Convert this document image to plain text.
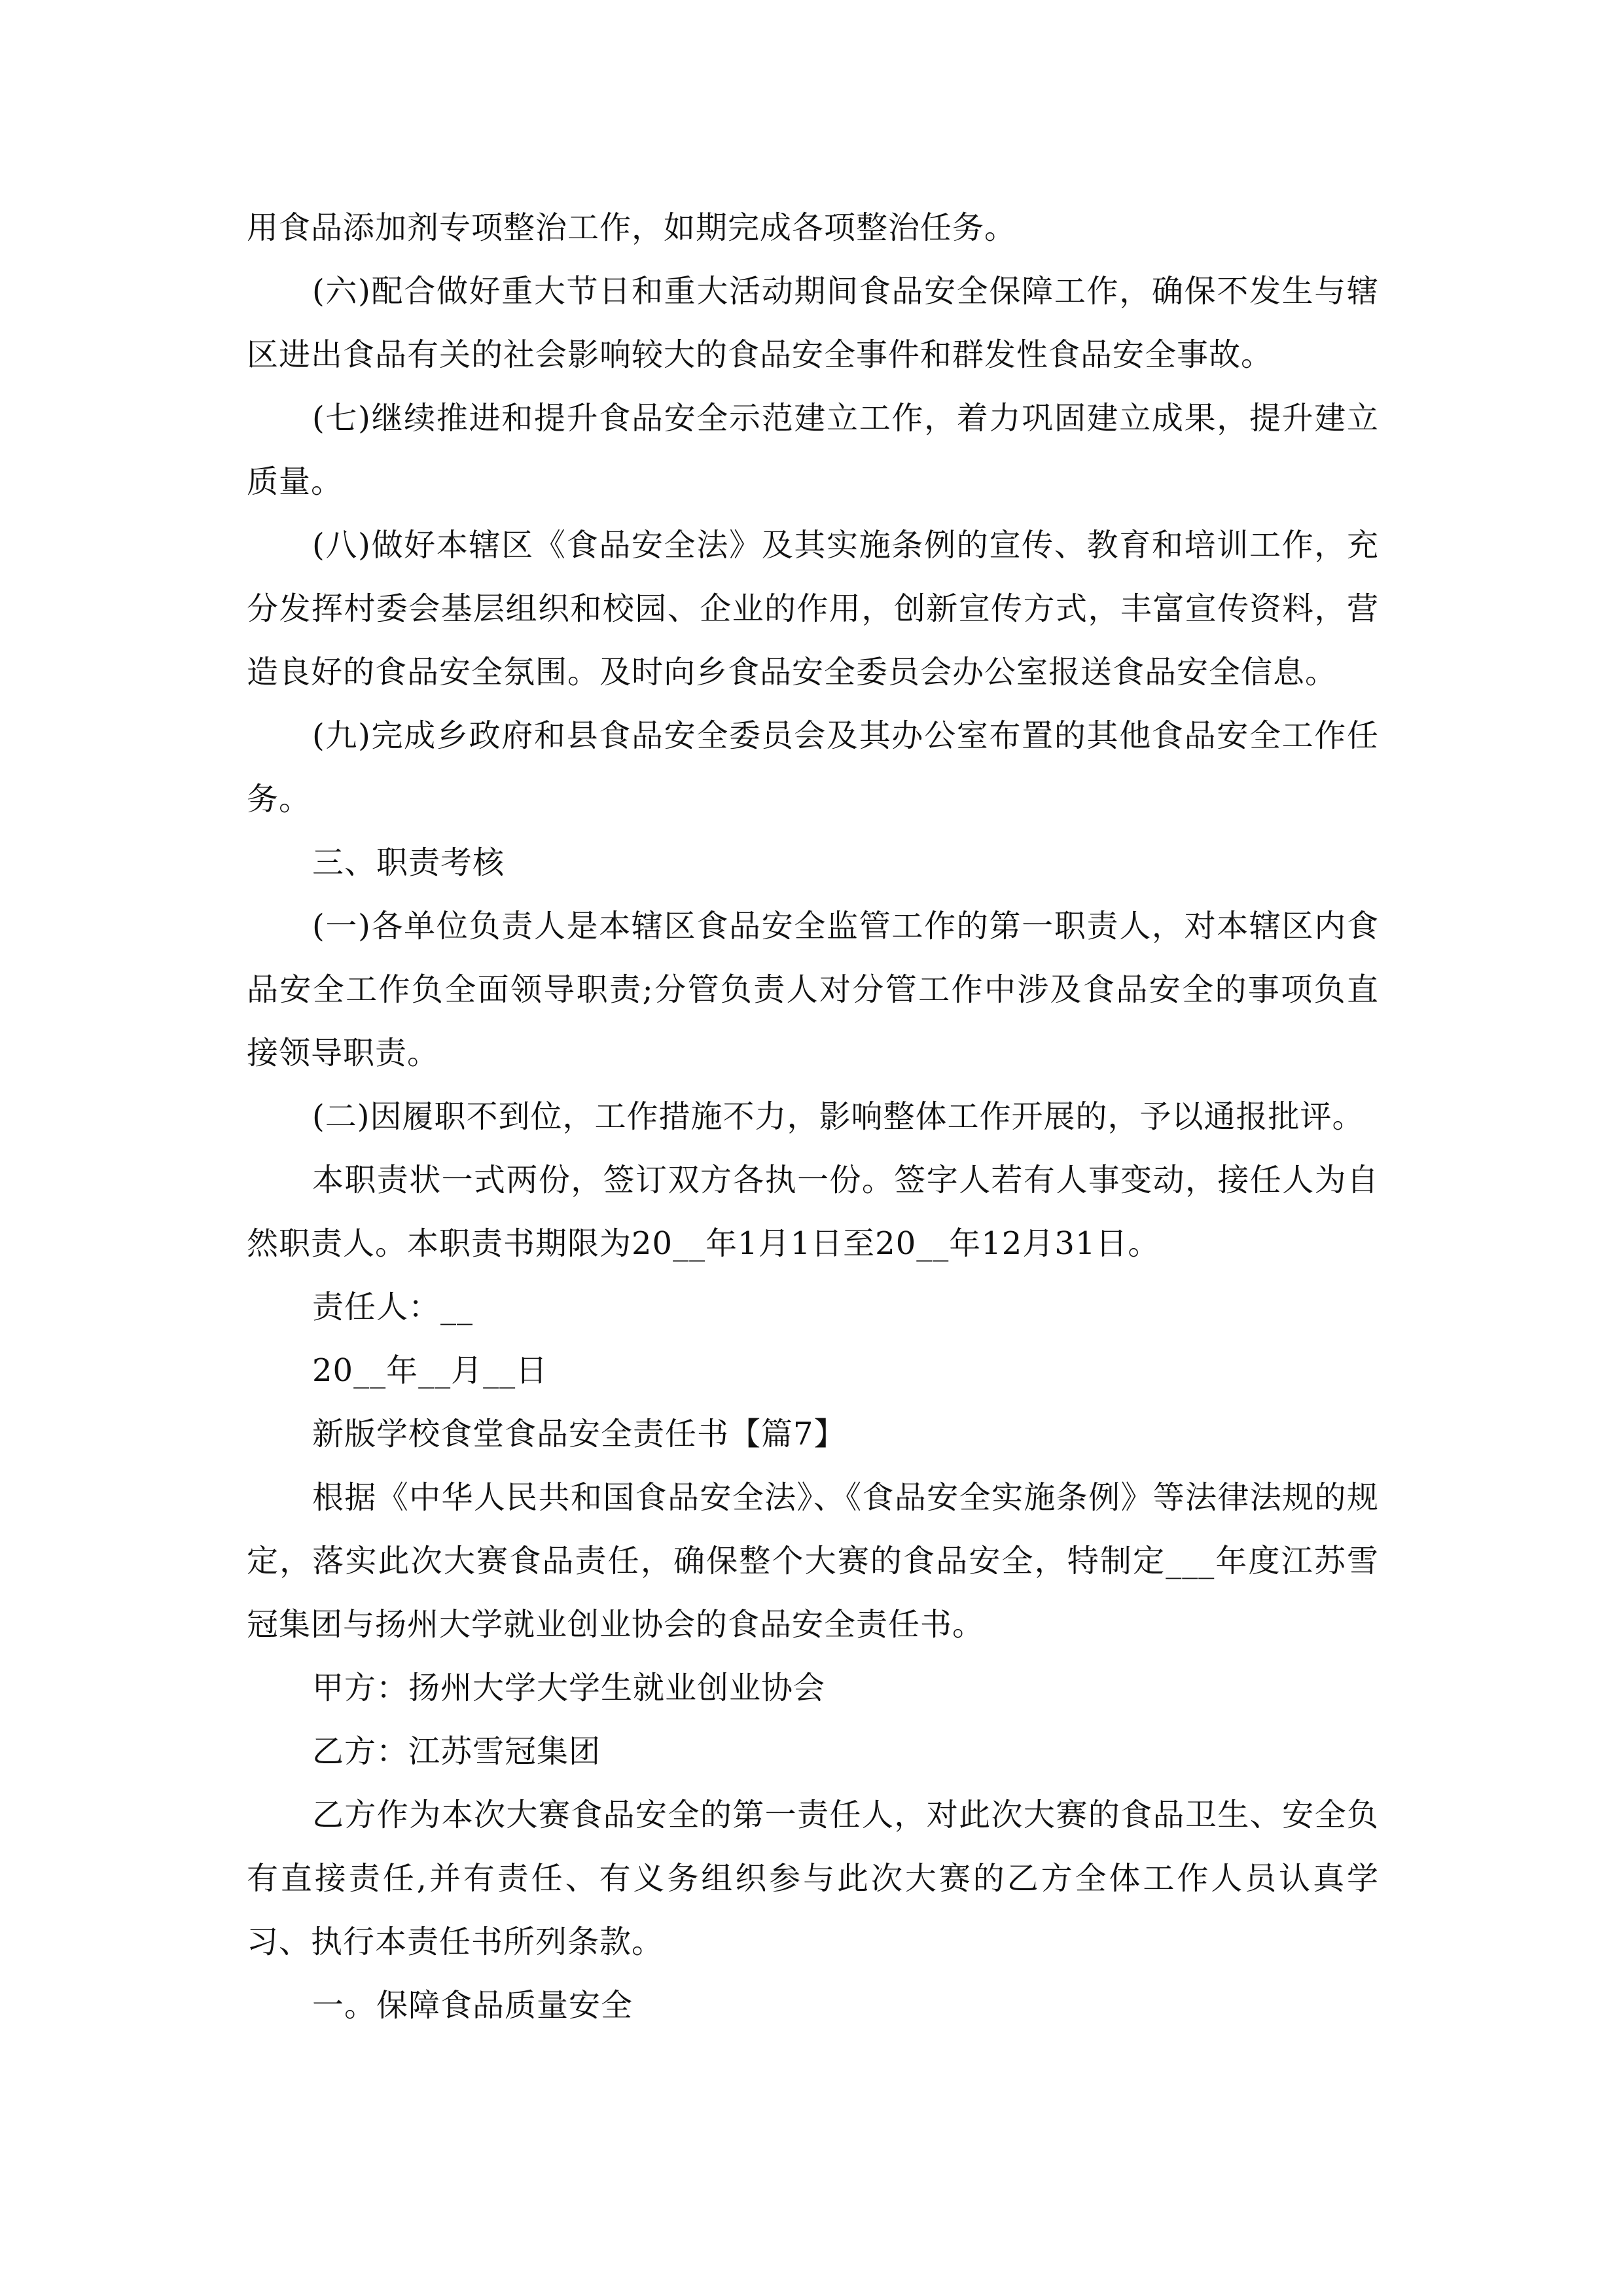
用食品添加剂专项整治工作，如期完成各项整治任务。

(六)配合做好重大节日和重大活动期间食品安全保障工作，确保不发生与辖区进出食品有关的社会影响较大的食品安全事件和群发性食品安全事故。

(七)继续推进和提升食品安全示范建立工作，着力巩固建立成果，提升建立质量。

(八)做好本辖区《食品安全法》及其实施条例的宣传、教育和培训工作，充分发挥村委会基层组织和校园、企业的作用，创新宣传方式，丰富宣传资料，营造良好的食品安全氛围。及时向乡食品安全委员会办公室报送食品安全信息。

(九)完成乡政府和县食品安全委员会及其办公室布置的其他食品安全工作任务。

三、职责考核

(一)各单位负责人是本辖区食品安全监管工作的第一职责人，对本辖区内食品安全工作负全面领导职责;分管负责人对分管工作中涉及食品安全的事项负直接领导职责。

(二)因履职不到位，工作措施不力，影响整体工作开展的，予以通报批评。

本职责状一式两份，签订双方各执一份。签字人若有人事变动，接任人为自然职责人。本职责书期限为20__年1月1日至20__年12月31日。

责任人：__

20__年__月__日

新版学校食堂食品安全责任书【篇7】

根据《中华人民共和国食品安全法》、《食品安全实施条例》等法律法规的规定，落实此次大赛食品责任，确保整个大赛的食品安全，特制定___年度江苏雪冠集团与扬州大学就业创业协会的食品安全责任书。

甲方：扬州大学大学生就业创业协会

乙方：江苏雪冠集团

乙方作为本次大赛食品安全的第一责任人，对此次大赛的食品卫生、安全负有直接责任,并有责任、有义务组织参与此次大赛的乙方全体工作人员认真学习、执行本责任书所列条款。

一。保障食品质量安全
